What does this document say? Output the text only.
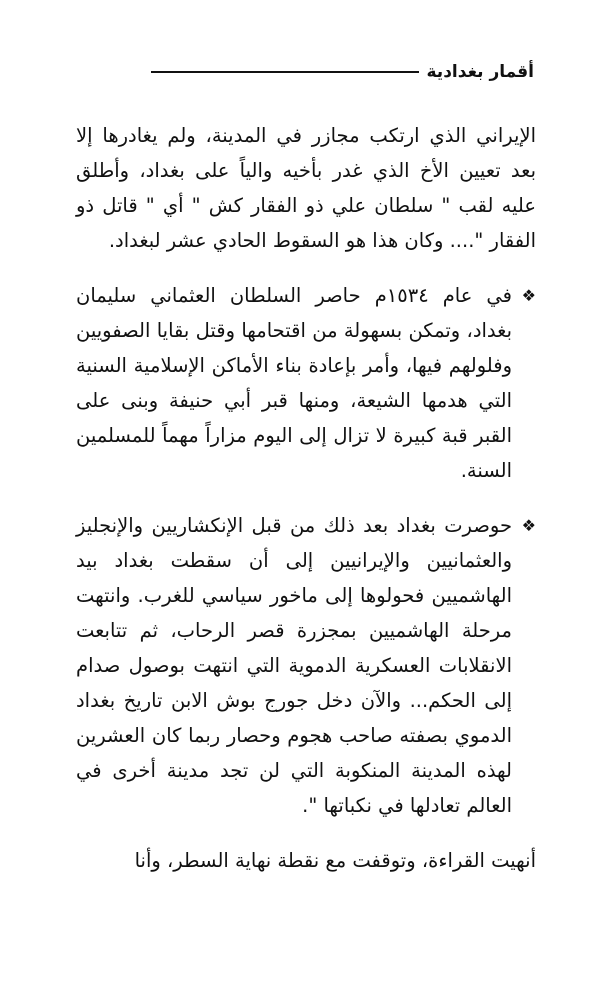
أقمار بغدادية

الإيراني الذي ارتكب مجازر في المدينة، ولم يغادرها إلا بعد تعيين الأخ الذي غدر بأخيه والياً على بغداد، وأطلق عليه لقب " سلطان علي ذو الفقار كش " أي " قاتل ذو الفقار ".... وكان هذا هو السقوط الحادي عشر لبغداد.

❖
في عام ١٥٣٤م حاصر السلطان العثماني سليمان بغداد، وتمكن بسهولة من اقتحامها وقتل بقايا الصفويين وفلولهم فيها، وأمر بإعادة بناء الأماكن الإسلامية السنية التي هدمها الشيعة، ومنها قبر أبي حنيفة وبنى على القبر قبة كبيرة لا تزال إلى اليوم مزاراً مهماً للمسلمين السنة.
❖
حوصرت بغداد بعد ذلك من قبل الإنكشاريين والإنجليز والعثمانيين والإيرانيين إلى أن سقطت بغداد بيد الهاشميين فحولوها إلى ماخور سياسي للغرب. وانتهت مرحلة الهاشميين بمجزرة قصر الرحاب، ثم تتابعت الانقلابات العسكرية الدموية التي انتهت بوصول صدام إلى الحكم... والآن دخل جورج بوش الابن تاريخ بغداد الدموي بصفته صاحب هجوم وحصار ربما كان العشرين لهذه المدينة المنكوبة التي لن تجد مدينة أخرى في العالم تعادلها في نكباتها ".

أنهيت القراءة، وتوقفت مع نقطة نهاية السطر، وأنا
